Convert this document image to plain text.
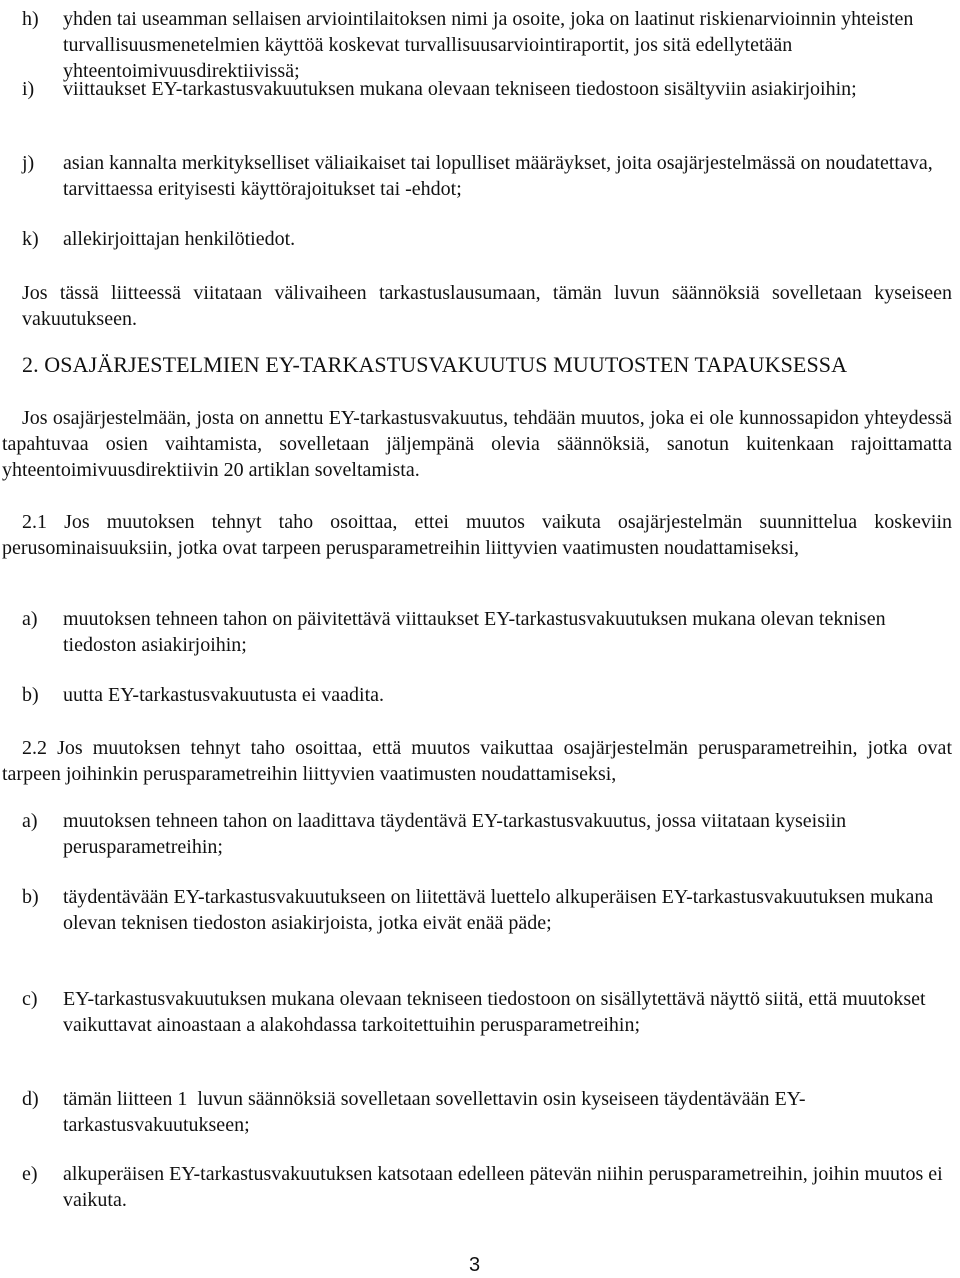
h)	yhden tai useamman sellaisen arviointilaitoksen nimi ja osoite, joka on laatinut riskienarvioinnin yhteisten turvallisuusmenetelmien käyttöä koskevat turvallisuusarviointiraportit, jos sitä edellytetään yhteentoimivuusdirektiivissä;
i)	viittaukset EY-tarkastusvakuutuksen mukana olevaan tekniseen tiedostoon sisältyviin asiakirjoihin;
j)	asian kannalta merkitykselliset väliaikaiset tai lopulliset määräykset, joita osajärjestelmässä on noudatettava, tarvittaessa erityisesti käyttörajoitukset tai -ehdot;
k)	allekirjoittajan henkilötiedot.
Jos tässä liitteessä viitataan välivaiheen tarkastuslausumaan, tämän luvun säännöksiä sovelletaan kyseiseen vakuutukseen.
2. OSAJÄRJESTELMIEN EY-TARKASTUSVAKUUTUS MUUTOSTEN TAPAUKSESSA
Jos osajärjestelmään, josta on annettu EY-tarkastusvakuutus, tehdään muutos, joka ei ole kunnossapidon yhteydessä tapahtuvaa osien vaihtamista, sovelletaan jäljempänä olevia säännöksiä, sanotun kuitenkaan rajoittamatta yhteentoimivuusdirektiivin 20 artiklan soveltamista.
2.1 Jos muutoksen tehnyt taho osoittaa, ettei muutos vaikuta osajärjestelmän suunnittelua koskeviin perusominaisuuksiin, jotka ovat tarpeen perusparametreihin liittyvien vaatimusten noudattamiseksi,
a)	muutoksen tehneen tahon on päivitettävä viittaukset EY-tarkastusvakuutuksen mukana olevan teknisen tiedoston asiakirjoihin;
b)	uutta EY-tarkastusvakuutusta ei vaadita.
2.2 Jos muutoksen tehnyt taho osoittaa, että muutos vaikuttaa osajärjestelmän perusparametreihin, jotka ovat tarpeen joihinkin perusparametreihin liittyvien vaatimusten noudattamiseksi,
a)	muutoksen tehneen tahon on laadittava täydentävä EY-tarkastusvakuutus, jossa viitataan kyseisiin perusparametreihin;
b)	täydentävään EY-tarkastusvakuutukseen on liitettävä luettelo alkuperäisen EY-tarkastusvakuutuksen mukana olevan teknisen tiedoston asiakirjoista, jotka eivät enää päde;
c)	EY-tarkastusvakuutuksen mukana olevaan tekniseen tiedostoon on sisällytettävä näyttö siitä, että muutokset vaikuttavat ainoastaan a alakohdassa tarkoitettuihin perusparametreihin;
d)	tämän liitteen 1  luvun säännöksiä sovelletaan sovellettavin osin kyseiseen täydentävään EY-tarkastusvakuutukseen;
e)	alkuperäisen EY-tarkastusvakuutuksen katsotaan edelleen pätevän niihin perusparametreihin, joihin muutos ei vaikuta.
3
